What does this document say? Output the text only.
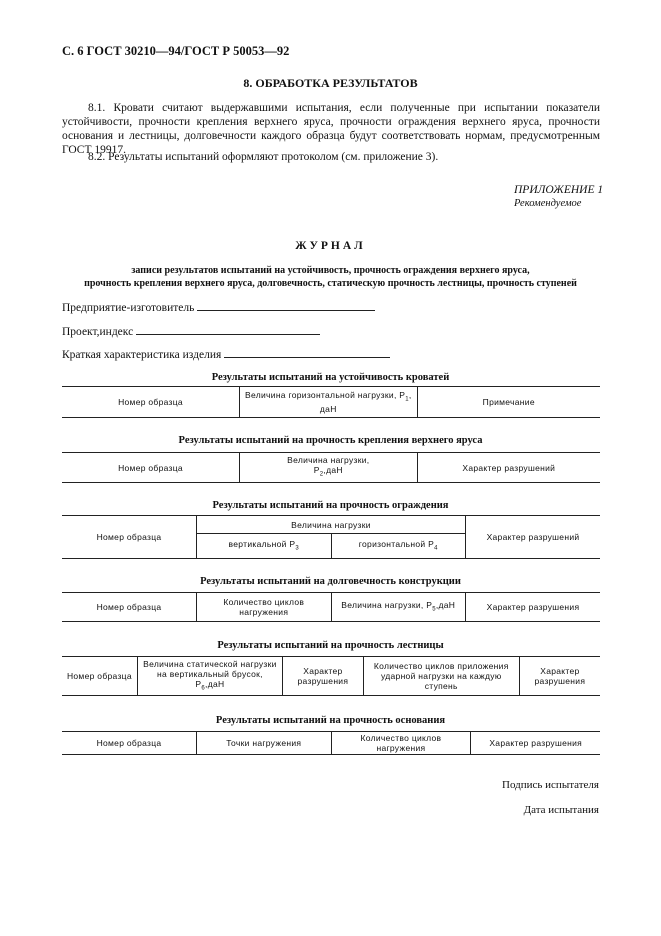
С. 6 ГОСТ 30210—94/ГОСТ Р 50053—92
8. ОБРАБОТКА РЕЗУЛЬТАТОВ
8.1. Кровати считают выдержавшими испытания, если полученные при испытании показатели устойчивости, прочности крепления верхнего яруса, прочности ограждения верхнего яруса, прочности основания и лестницы, долговечности каждого образца будут соответствовать нормам, предусмотренным ГОСТ 19917.
8.2. Результаты испытаний оформляют протоколом (см. приложение 3).
ПРИЛОЖЕНИЕ 1
Рекомендуемое
ЖУРНАЛ
записи результатов испытаний на устойчивость, прочность ограждения верхнего яруса,
прочность крепления верхнего яруса, долговечность, статическую прочность лестницы, прочность ступеней
Предприятие-изготовитель
Проект,индекс
Краткая характеристика изделия
Результаты испытаний на устойчивость кроватей
Номер образца	Величина горизонтальной нагрузки, $P_1$, даН	Примечание
Результаты испытаний на прочность крепления верхнего яруса
Номер образца	Величина нагрузки,
$P_2,даН$	Характер разрушений
Результаты испытаний на прочность ограждения
Номер образца	Величина нагрузки		Характер разрушений
	вертикальной $P_3$	горизонтальной $P_4$
Результаты испытаний на долговечность конструкции
Номер образца	Количество циклов нагружения	Величина нагрузки, $P_5,даН$	Характер разрушения
Результаты испытаний на прочность лестницы
Номер образца	Величина статической нагрузки на вертикальный брусок, $P_6,даН$	Характер разрушения	Количество циклов приложения ударной нагрузки на каждую ступень	Характер разрушения
Результаты испытаний на прочность основания
Номер образца	Точки нагружения	Количество циклов нагружения	Характер разрушения
Подпись испытателя
Дата испытания
